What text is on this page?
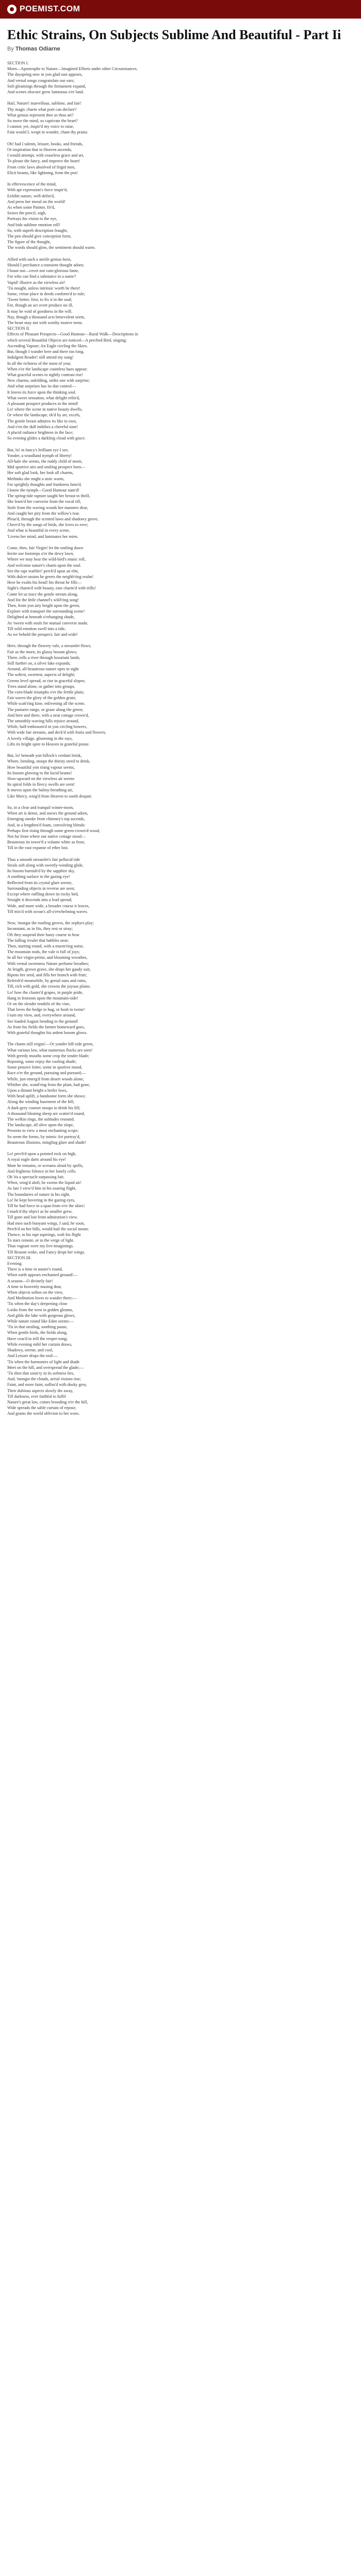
POEMIST.COM
Ethic Strains, On Subjects Sublime And Beautiful - Part Ii
By Thomas Odiarne
SECTION I.
Morn—Apostrophe to Nature—Imagined Efforts under other Circumstances.
The dayspring now in yon glad east appears,
And vernal songs congratulate our ears;
Soft gleamings through the firmament expand,
And scenes obscure grow luminous o'er land.
Hail, Nature! marvellous, sublime, and fair!
Thy magic charm what poet can declare?
What genius represent thee as thou art?
So move the mind, so captivate the heart?
I cannot; yet, inspir'd my voice to raise,
Fain would I, wrapt in wonder, chant thy praise.
Oh! had I talents, leisure, books, and friends,
Or inspiration that to Heaven ascends;
I would attempt, with ceaseless grace and art,
To please the fancy, and improve the heart!
From critic laws absolved of frigid men,
Elicit beams, like lightning, from the pen!
In effervescence of the mind,
With apt expression's force inspir'd,
Exhibit nature, well-defin'd,
And press her moral on the world!
As when some Painter, fir'd,
Seizes the pencil, nigh,
Portrays his vision to the eye,
And bids sublime emotion roll!
So, with superb description fraught,
The pen should give conception form,
The figure of the thought,
The words should glow, the sentiment should warm.
Allied with such a sterile genius born,
Should I perchance a transient thought adorn;
I boast not—covet not vain-glorious fame,
For who can find a substance in a name?
Vapid! illusive as the viewless air!
'Tis nought, unless intrinsic worth be there!
Some, virtue place in deeds conform'd to rule;
'Twere better, first, to fix it in the soul;
For, though an act overt produce no ill,
It may be void of goodness in the will.
Nay, though a thousand acts benevolent seem,
The heart may not with worthy motive teem.
SECTION II.
Effects of Pleasant Prospects—Good Humour—Rural Walk—Descriptions in
which several Beautiful Objects are noticed—A perched Bird, singing;
Ascending Vapour; An Eagle circling the Skies.
But, though I wander here and there too long,
Indulgent Reader! still attend my song!
In all the richness of the noon of year,
When o'er the landscape countless hues appear;
What graceful scenes to sightly contrast rise!
New charms, unfolding, strike one with surprise;
And what surprises has its due control—
It leaves its force upon the thinking soul.
What sweet sensation, what delight refin'd,
A pleasant prospect produces in the mind!
Lo! where the scene in native beauty dwells,
Or where the landscape, ek'd by art, excels,
The gentle breast admires its like to own,
And e'en the dull imbibes a cheerful tone!
A placid radiance brightens in the face;
So evening glides a darkling cloud with grace.
But, lo! in fancy's brilliant eye I see,
Yonder, a woodland nymph of liberty!
All-hale she seems, the ruddy child of morn,
Mid sportive airs and smiling prospect born—
Her soft glad look, her look all charms,
Methinks she might a stoic warm,
For sprightly thoughts and frankness fann'd,
I know the nymph—Good Humour nam'd!
The spring-tide rapture taught her breast to thrill,
She learn'd her converse from the vocal rill,
Stole from the waving woods her manners dear,
And caught her pity from the willow's tear.
Pleas'd, through the scented lawn and shadowy grove,
Cheer'd by the songs of birds, she loves to rove;
And what is beautiful in every scene,
'Livens her mind, and luminates her mien.
Come, then, fair Virgin! let the smiling dawn
Invite our footsteps o'er the dewy lawn,
Where we may hear the wild-bird's music roll,
And welcome nature's charm upon the soul.
See the rapt warbler! perch'd upon an elm,
With dulcet strains he greets the neighb'ring realm!
How he exalts his head! his throat he fills—
Sight's charm'd with beauty, ears charm'd with trills!
Come let us trace the gentle stream along,
And list the little channel's wild'ring song!
Then, from yon airy height upon the green,
Explore with transport the surrounding scene!
Delighted at beneath o'erhanging shade,
As 'tween with souls for mutual converse made,
Till wild emotion swell into a tide,
As we behold the prospect, fair and wide!
Here, through the flowery vale, a streamlet flows;
Fair as the morn, its glassy bosom glows;
There, rolls a river through luxuriant lands,
Still further on, a silver lake expands;
Around, all-beauteous nature opes to sight
The softest, sweetest, aspects of delight;
Greens level spread, or rise in graceful slopes;
Trees stand alone, or gather into groups,
The corn-blade triumphs o'er the fertile plain;
Fair waves the glory of the golden grain;
While scatt'ring kine, enlivening all the scene,
The pastures range, or graze along the green;
And here and there, with a neat cottage crown'd,
The smoothly-waving hills rejoice around,
While, half-embosom'd in yon circling bowers,
With wide fair streams, and deck'd with fruits and flowers,
A lovely village, glistening in the rays,
Lifts its bright spire to Heaven in grateful praise.
But, lo! beneath yon hillock's verdant brink,
Where, bending, stoops the thirsty steed to drink,
How beautiful yon rising vapour seems,
Its bosom glowing to the lucid beams!
Slow-upward on the viewless air serene
Its spiral folds in fleecy swells are seen!
It moves upon the balmy-breathing air,
Like Mercy, wing'd from Heaven to sooth despair.
So, in a clear and tranquil winter-morn,
When art is dense, and snows the ground adorn,
Emerging smoke from chimney's top ascends,
And, in a lengthen'd foam, convolving blends:
Perhaps first rising through some green-crown'd wood,
Not far from where our native cottage stood—
Beauteous its tower'd a volume white as frost,
Till in the vast expanse of ether lost.
Thus a smooth streamlet's fair pellucid tide
Steals soft along with sweetly-winding glide,
Its bosom burnish'd by the sapphire sky,
A soothing surface to the gazing eye!
Reflected from its crystal glare serene,
Surrounding objects in reverse are seen;
Except where ruffling down its rocky bed,
Straight it descends into a lead spread;
Wide, and more wide, a broader course it leaves,
Till mix'd with ocean's all-o'erwhelming waves.
Now, 'mongst the rustling groves, the zephyrs play;
Inconstant, as in fits, they rest or stray;
Oft they suspend their hasty course to hear
The falling rivulet that babbles near;
Then, starting round, with a murm'ring noise,
The mountain nods, the vale is full of joys;
In all her virgin-prime, and blooming wreathes,
With vernal sweetness Nature perfume breathes;
At length, grown grave, she drops her gaudy suit,
Ripens her seed, and fills her branch with fruit;
Refresh'd meanwhile, by genial suns and rains,
Till, rich with gold, she crowns the joyous plains.
Lo! how the cluster'd grapes, in purple pride,
Hang in festoons upon the mountain-side!
Or on the slender tendrils of the vine,
That loves the hedge to hug, or bush to twine!
I turn my view, and, everywhere around,
See loaded August bending to the ground!
As from his fields the farmer homeward goes,
With grateful thoughts his ardent bosom glows.
The charm still reigns!—Or yonder hill-side green,
What various low, what numerous flocks are seen!
With greedy mouths some crop the tender blade;
Reposing, some enjoy the cooling shade;
Some pensive loiter, some in sportive mood,
Race o'er the ground, pursuing and pursued;—
While, just emerg'd from desert woods alone,
Whither she, wand'ring from the plain, had gone,
Upon a distant height a heifer lows,
With head uplift, a handsome form she shows;
Along the winding basement of the hill,
A dark-grey courser stoops to drink his fill;
A thousand bleating sheep are scatter'd round,
The welkin rings, the solitudes resound.
The landscape, all alive upon the slope,
Presents to view a most enchanting scope;
So seem the forms, by mimic Art portray'd,
Beauteous illusions, mingling glare and shade!
Lo! perch'd upon a pointed rock on high,
A royal eagle darts around his eye!
Mute he remains, or screams aloud by spells,
And frightens Silence in her lonely cells.
Oh 'tis a spectacle surpassing fair,
When, wing'd aloft, he swims the liquid air!
As late I view'd him in his soaring flight,
The boundaries of nature in his sight,
Lo! he kept hovering in the gazing eyes,
Till he had force to a span from o'er the skies!
I mark'd thy object as he smaller grew,
Till gone and lost from admiration's view.
Had men such buoyant wings, I said, he soon,
Perch'd on her hills, would hail the social moon;
Thence, in his rapt aspirings, waft his flight
To stars remote, or to the verge of light.
Thus vagrant were my live-imaginings.
Till Reason woke, and Fancy dropt her wings.
SECTION III.
Evening.
There is a time in nature's round,
When earth appears enchanted ground!—
A season—O divinely fair!
A time to heavenly musing dear,
When objects soften on the view,
And Meditation loves to wander there;—
'Tis when the day's deepening close
Looks from the west in golden gleams,
And gilds the lake with gorgeous glows,
While nature round like Eden seems:—
'Tis in that stealing, soothing pause,
When gentle birds, the fields along,
Have ceas'd to trill the vesper-song;
While evening mild her curtain draws,
Shadowy, serene, and cool,
And Leisure drops the tool:—
'Tis when the harmonies of light and shade
Meet on the hill, and overspread the glade;—
'Tis then that soon'ry in its softness lies,
And, 'mongst the clouds, aerial visions rise;
Faint, and more faint, suffus'd with dusky grey,
Their dubious aspects slowly die away,
Till darkness, ever faithful to fulfil
Nature's great law, comes brooding o'er the hill,
Wide spreads the sable curtain of repose,
And grants the world oblivion to her woes.
